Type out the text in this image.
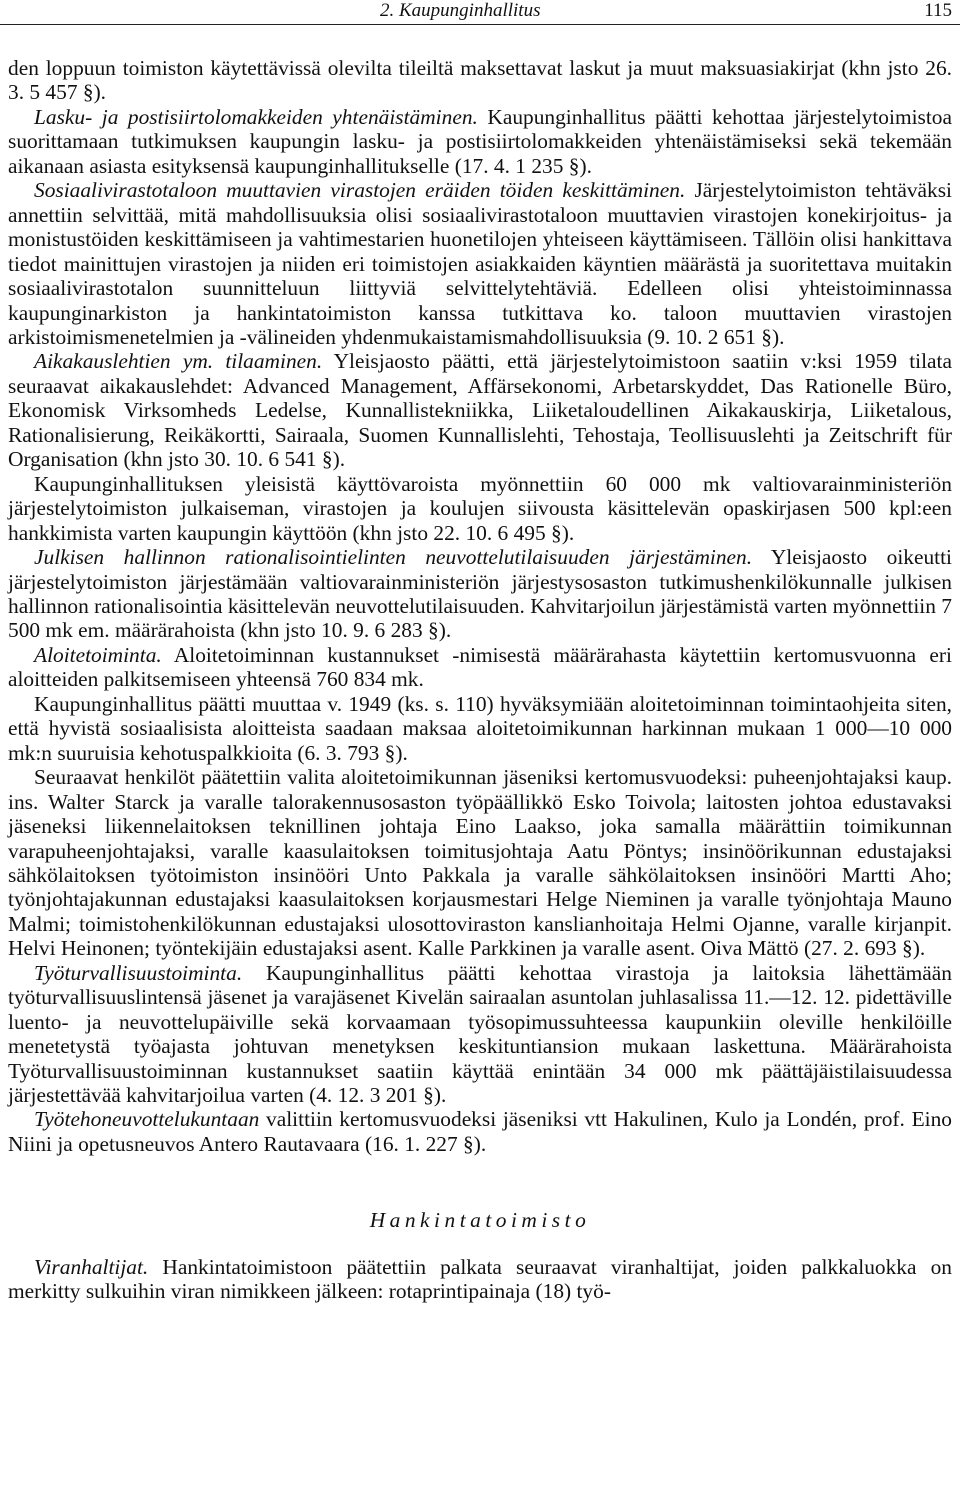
2. Kaupunginhallitus	115

den loppuun toimiston käytettävissä olevilta tileiltä maksettavat laskut ja muut maksuasiakirjat (khn jsto 26. 3. 5 457 §).

Lasku- ja postisiirtolomakkeiden yhtenäistäminen. Kaupunginhallitus päätti kehottaa järjestelytoimistoa suorittamaan tutkimuksen kaupungin lasku- ja postisiirtolomakkeiden yhtenäistämiseksi sekä tekemään aikanaan asiasta esityksensä kaupunginhallitukselle (17. 4. 1 235 §).

Sosiaalivirastotaloon muuttavien virastojen eräiden töiden keskittäminen. Järjestelytoimiston tehtäväksi annettiin selvittää, mitä mahdollisuuksia olisi sosiaalivirastotaloon muuttavien virastojen konekirjoitus- ja monistustöiden keskittämiseen ja vahtimestarien huonetilojen yhteiseen käyttämiseen. Tällöin olisi hankittava tiedot mainittujen virastojen ja niiden eri toimistojen asiakkaiden käyntien määrästä ja suoritettava muitakin sosiaalivirastotalon suunnitteluun liittyviä selvittelytehtäviä. Edelleen olisi yhteistoiminnassa kaupunginarkiston ja hankintatoimiston kanssa tutkittava ko. taloon muuttavien virastojen arkistoimismenetelmien ja -välineiden yhdenmukaistamismahdollisuuksia (9. 10. 2 651 §).

Aikakauslehtien ym. tilaaminen. Yleisjaosto päätti, että järjestelytoimistoon saatiin v:ksi 1959 tilata seuraavat aikakauslehdet: Advanced Management, Affärsekonomi, Arbetarskyddet, Das Rationelle Büro, Ekonomisk Virksomheds Ledelse, Kunnallistekniikka, Liiketaloudellinen Aikakauskirja, Liiketalous, Rationalisierung, Reikäkortti, Sairaala, Suomen Kunnallislehti, Tehostaja, Teollisuuslehti ja Zeitschrift für Organisation (khn jsto 30. 10. 6 541 §).

Kaupunginhallituksen yleisistä käyttövaroista myönnettiin 60 000 mk valtiovarainministeriön järjestelytoimiston julkaiseman, virastojen ja koulujen siivousta käsittelevän opaskirjasen 500 kpl:een hankkimista varten kaupungin käyttöön (khn jsto 22. 10. 6 495 §).

Julkisen hallinnon rationalisointielinten neuvottelutilaisuuden järjestäminen. Yleisjaosto oikeutti järjestelytoimiston järjestämään valtiovarainministeriön järjestysosaston tutkimushenkilökunnalle julkisen hallinnon rationalisointia käsittelevän neuvottelutilaisuuden. Kahvitarjoilun järjestämistä varten myönnettiin 7 500 mk em. määrärahoista (khn jsto 10. 9. 6 283 §).

Aloitetoiminta. Aloitetoiminnan kustannukset -nimisestä määrärahasta käytettiin kertomusvuonna eri aloitteiden palkitsemiseen yhteensä 760 834 mk.

Kaupunginhallitus päätti muuttaa v. 1949 (ks. s. 110) hyväksymiään aloitetoiminnan toimintaohjeita siten, että hyvistä sosiaalisista aloitteista saadaan maksaa aloitetoimikunnan harkinnan mukaan 1 000—10 000 mk:n suuruisia kehotuspalkkioita (6. 3. 793 §).

Seuraavat henkilöt päätettiin valita aloitetoimikunnan jäseniksi kertomusvuodeksi: puheenjohtajaksi kaup. ins. Walter Starck ja varalle talorakennusosaston työpäällikkö Esko Toivola; laitosten johtoa edustavaksi jäseneksi liikennelaitoksen teknillinen johtaja Eino Laakso, joka samalla määrättiin toimikunnan varapuheenjohtajaksi, varalle kaasulaitoksen toimitusjohtaja Aatu Pöntys; insinöörikunnan edustajaksi sähkölaitoksen työtoimiston insinööri Unto Pakkala ja varalle sähkölaitoksen insinööri Martti Aho; työnjohtajakunnan edustajaksi kaasulaitoksen korjausmestari Helge Nieminen ja varalle työnjohtaja Mauno Malmi; toimistohenkilökunnan edustajaksi ulosottoviraston kanslianhoitaja Helmi Ojanne, varalle kirjanpit. Helvi Heinonen; työntekijäin edustajaksi asent. Kalle Parkkinen ja varalle asent. Oiva Mättö (27. 2. 693 §).

Työturvallisuustoiminta. Kaupunginhallitus päätti kehottaa virastoja ja laitoksia lähettämään työturvallisuuslintensä jäsenet ja varajäsenet Kivelän sairaalan asuntolan juhlasalissa 11.—12. 12. pidettäville luento- ja neuvottelupäiville sekä korvaamaan työsopimussuhteessa kaupunkiin oleville henkilöille menetetystä työajasta johtuvan menetyksen keskituntiansion mukaan laskettuna. Määrärahoista Työturvallisuustoiminnan kustannukset saatiin käyttää enintään 34 000 mk päättäjäistilaisuudessa järjestettävää kahvitarjoilua varten (4. 12. 3 201 §).

Työtehoneuvottelukuntaan valittiin kertomusvuodeksi jäseniksi vtt Hakulinen, Kulo ja Londén, prof. Eino Niini ja opetusneuvos Antero Rautavaara (16. 1. 227 §).

Hankintatoimisto

Viranhaltijat. Hankintatoimistoon päätettiin palkata seuraavat viranhaltijat, joiden palkkaluokka on merkitty sulkuihin viran nimikkeen jälkeen: rotaprintipainaja (18) työ-
